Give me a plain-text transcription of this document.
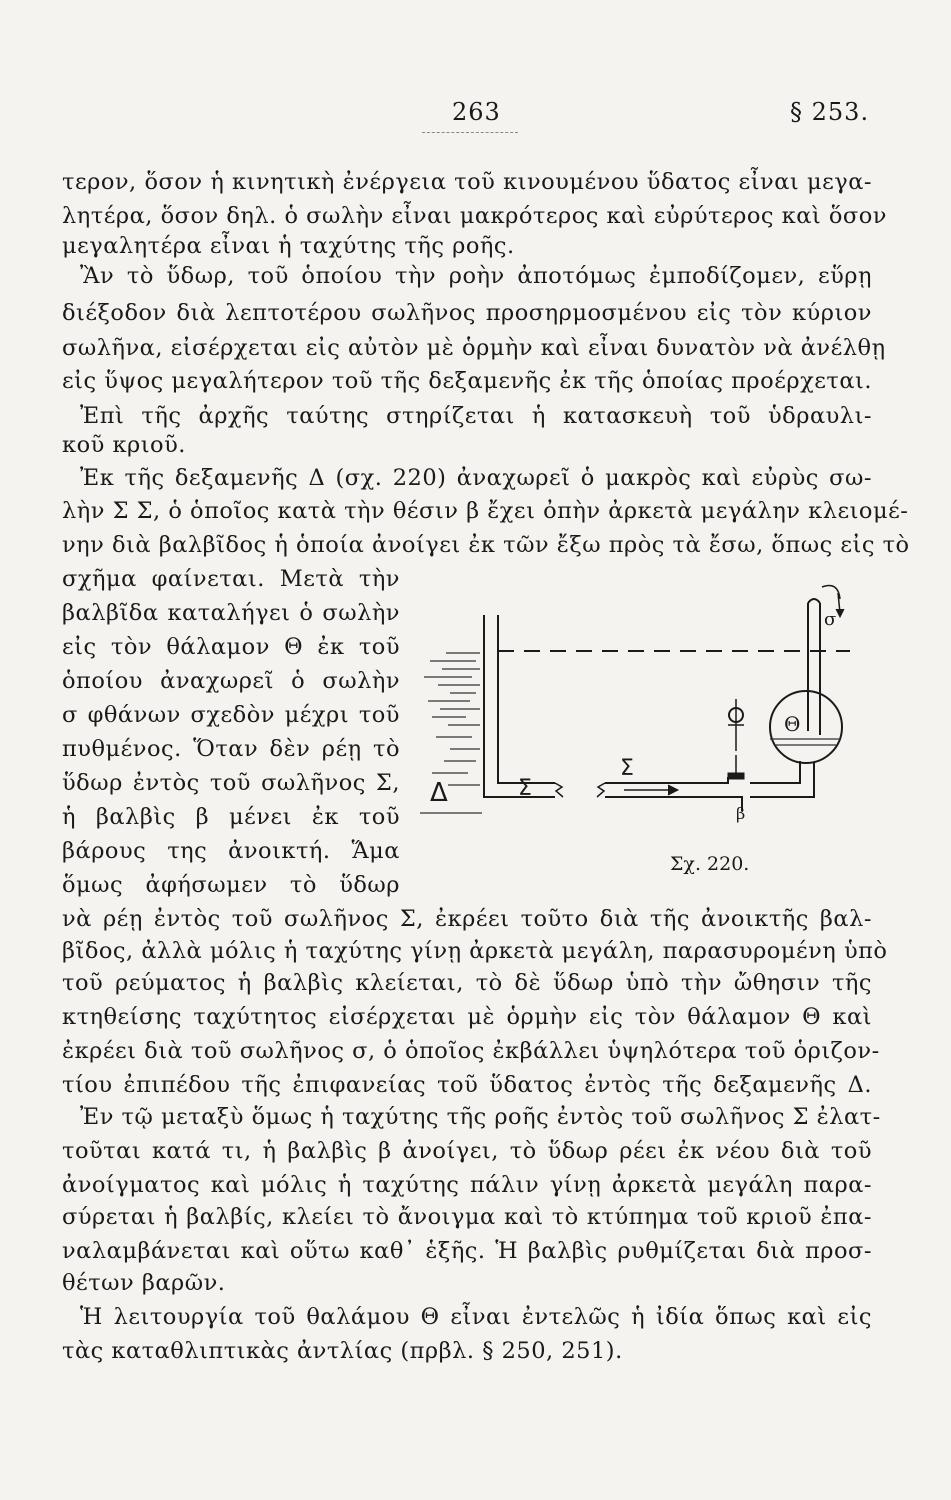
263	§ 253.
τερον, ὅσον ἡ κινητικὴ ἐνέργεια τοῦ κινουμένου ὕδατος εἶναι μεγα-
λητέρα, ὅσον δηλ. ὁ σωλὴν εἶναι μακρότερος καὶ εὐρύτερος καὶ ὅσον
μεγαλητέρα εἶναι ἡ ταχύτης τῆς ροῆς.
Ἂν τὸ ὕδωρ, τοῦ ὁποίου τὴν ροὴν ἀποτόμως ἐμποδίζομεν, εὕρῃ
διέξοδον διὰ λεπτοτέρου σωλῆνος προσηρμοσμένου εἰς τὸν κύριον
σωλῆνα, εἰσέρχεται εἰς αὐτὸν μὲ ὁρμὴν καὶ εἶναι δυνατὸν νὰ ἀνέλθῃ
εἰς ὕψος μεγαλήτερον τοῦ τῆς δεξαμενῆς ἐκ τῆς ὁποίας προέρχεται.
Ἐπὶ τῆς ἀρχῆς ταύτης στηρίζεται ἡ κατασκευὴ τοῦ ὑδραυλι-
κοῦ κριοῦ.
Ἐκ τῆς δεξαμενῆς Δ (σχ. 220) ἀναχωρεῖ ὁ μακρὸς καὶ εὐρὺς σω-
λὴν Σ Σ, ὁ ὁποῖος κατὰ τὴν θέσιν β ἔχει ὀπὴν ἀρκετὰ μεγάλην κλειομέ-
νην διὰ βαλβῖδος ἡ ὁποία ἀνοίγει ἐκ τῶν ἔξω πρὸς τὰ ἔσω, ὅπως εἰς τὸ
σχῆμα φαίνεται. Μετὰ τὴν
βαλβῖδα καταλήγει ὁ σωλὴν
εἰς τὸν θάλαμον Θ ἐκ τοῦ
ὁποίου ἀναχωρεῖ ὁ σωλὴν
σ φθάνων σχεδὸν μέχρι τοῦ
πυθμένος. Ὅταν δὲν ρέῃ τὸ
ὕδωρ ἐντὸς τοῦ σωλῆνος Σ,
ἡ βαλβὶς β μένει ἐκ τοῦ
βάρους της ἀνοικτή. Ἅμα
ὅμως ἀφήσωμεν τὸ ὕδωρ
νὰ ρέῃ ἐντὸς τοῦ σωλῆνος Σ, ἐκρέει τοῦτο διὰ τῆς ἀνοικτῆς βαλ-
βῖδος, ἀλλὰ μόλις ἡ ταχύτης γίνῃ ἀρκετὰ μεγάλη, παρασυρομένη ὑπὸ
τοῦ ρεύματος ἡ βαλβὶς κλείεται, τὸ δὲ ὕδωρ ὑπὸ τὴν ὤθησιν τῆς
κτηθείσης ταχύτητος εἰσέρχεται μὲ ὁρμὴν εἰς τὸν θάλαμον Θ καὶ
ἐκρέει διὰ τοῦ σωλῆνος σ, ὁ ὁποῖος ἐκβάλλει ὑψηλότερα τοῦ ὁριζον-
τίου ἐπιπέδου τῆς ἐπιφανείας τοῦ ὕδατος ἐντὸς τῆς δεξαμενῆς Δ.
Ἐν τῷ μεταξὺ ὅμως ἡ ταχύτης τῆς ροῆς ἐντὸς τοῦ σωλῆνος Σ ἐλατ-
τοῦται κατά τι, ἡ βαλβὶς β ἀνοίγει, τὸ ὕδωρ ρέει ἐκ νέου διὰ τοῦ
ἀνοίγματος καὶ μόλις ἡ ταχύτης πάλιν γίνῃ ἀρκετὰ μεγάλη παρα-
σύρεται ἡ βαλβίς, κλείει τὸ ἄνοιγμα καὶ τὸ κτύπημα τοῦ κριοῦ ἐπα-
ναλαμβάνεται καὶ οὕτω καθ᾽ ἑξῆς. Ἡ βαλβὶς ρυθμίζεται διὰ προσ-
θέτων βαρῶν.
Ἡ λειτουργία τοῦ θαλάμου Θ εἶναι ἐντελῶς ἡ ἰδία ὅπως καὶ εἰς
τὰς καταθλιπτικὰς ἀντλίας (πρβλ. § 250, 251).
Δ	Σ
Σ
Θ
σ
β
Σχ. 220.
